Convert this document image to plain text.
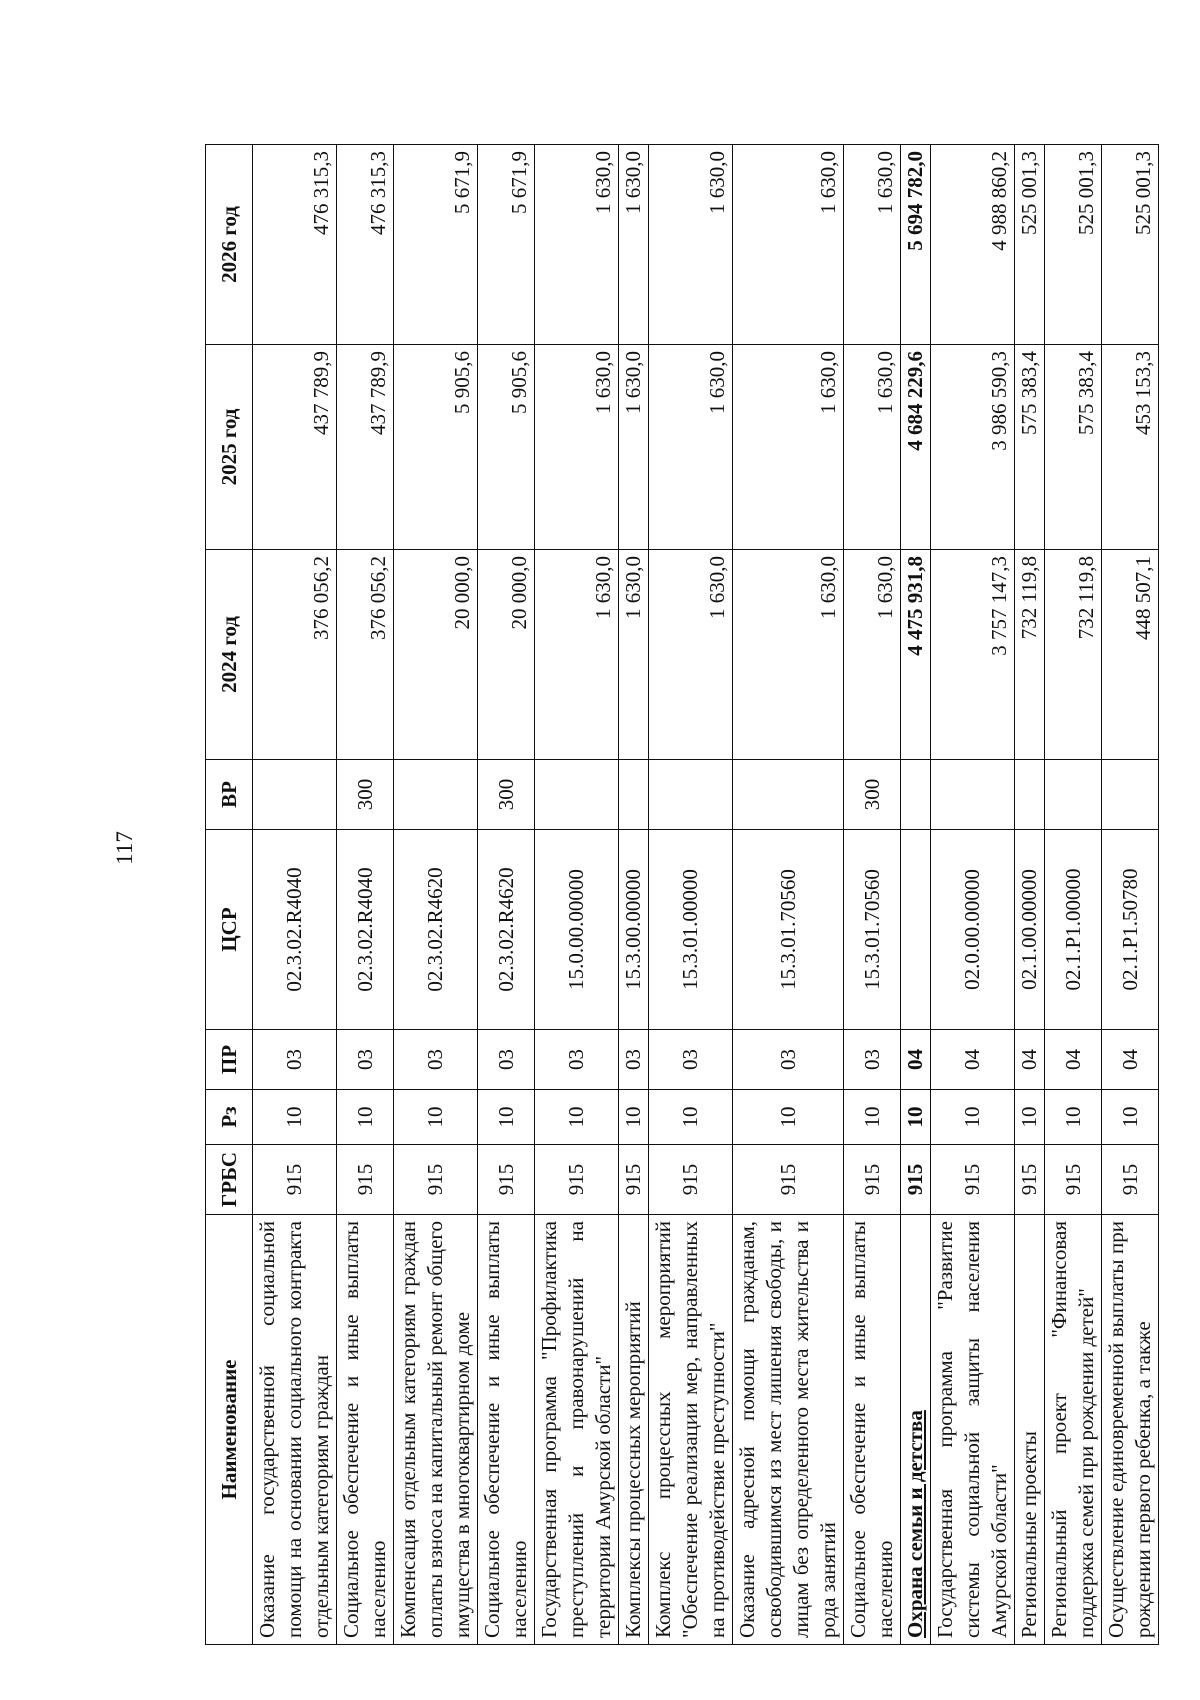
117
Наименование	ГРБС	Рз	ПР	ЦСР	ВР	2024 год	2025 год	2026 год
Оказание государственной социальной помощи на основании социального контракта отдельным категориям граждан	915	10	03	02.3.02.R4040		376 056,2	437 789,9	476 315,3
Социальное обеспечение и иные выплаты населению	915	10	03	02.3.02.R4040	300	376 056,2	437 789,9	476 315,3
Компенсация отдельным категориям граждан оплаты взноса на капитальный ремонт общего имущества в многоквартирном доме	915	10	03	02.3.02.R4620		20 000,0	5 905,6	5 671,9
Социальное обеспечение и иные выплаты населению	915	10	03	02.3.02.R4620	300	20 000,0	5 905,6	5 671,9
Государственная программа "Профилактика преступлений и правонарушений на территории Амурской области"	915	10	03	15.0.00.00000		1 630,0	1 630,0	1 630,0
Комплексы процессных мероприятий	915	10	03	15.3.00.00000		1 630,0	1 630,0	1 630,0
Комплекс процессных мероприятий "Обеспечение реализации мер, направленных на противодействие преступности"	915	10	03	15.3.01.00000		1 630,0	1 630,0	1 630,0
Оказание адресной помощи гражданам, освободившимся из мест лишения свободы, и лицам без определенного места жительства и рода занятий	915	10	03	15.3.01.70560		1 630,0	1 630,0	1 630,0
Социальное обеспечение и иные выплаты населению	915	10	03	15.3.01.70560	300	1 630,0	1 630,0	1 630,0
Охрана семьи и детства	915	10	04			4 475 931,8	4 684 229,6	5 694 782,0
Государственная программа "Развитие системы социальной защиты населения Амурской области"	915	10	04	02.0.00.00000		3 757 147,3	3 986 590,3	4 988 860,2
Региональные проекты	915	10	04	02.1.00.00000		732 119,8	575 383,4	525 001,3
Региональный проект "Финансовая поддержка семей при рождении детей"	915	10	04	02.1.P1.00000		732 119,8	575 383,4	525 001,3
Осуществление единовременной выплаты при рождении первого ребенка, а также	915	10	04	02.1.P1.50780		448 507,1	453 153,3	525 001,3
